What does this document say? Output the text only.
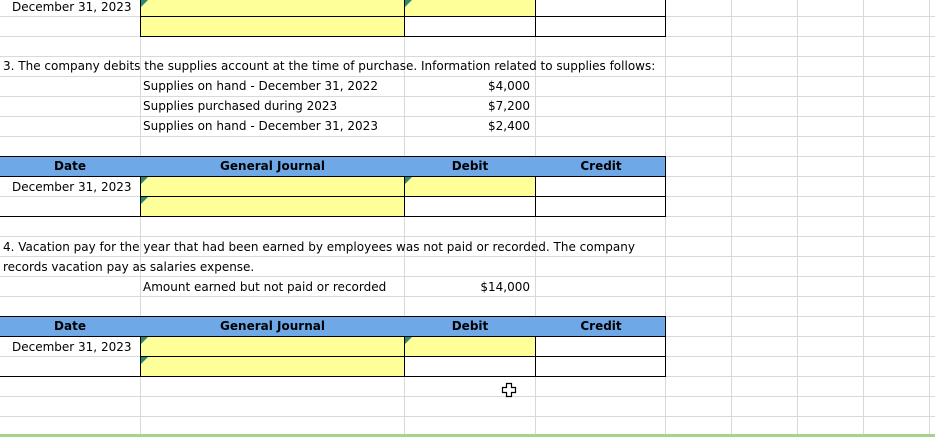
December 31, 2023
3. The company debits the supplies account at the time of purchase. Information related to supplies follows:
Supplies on hand - December 31, 2022	$4,000
Supplies purchased during 2023	$7,200
Supplies on hand - December 31, 2023	$2,400
Date	General Journal	Debit	Credit
December 31, 2023
4. Vacation pay for the year that had been earned by employees was not paid or recorded. The company
records vacation pay as salaries expense.
Amount earned but not paid or recorded	$14,000
Date	General Journal	Debit	Credit
December 31, 2023
